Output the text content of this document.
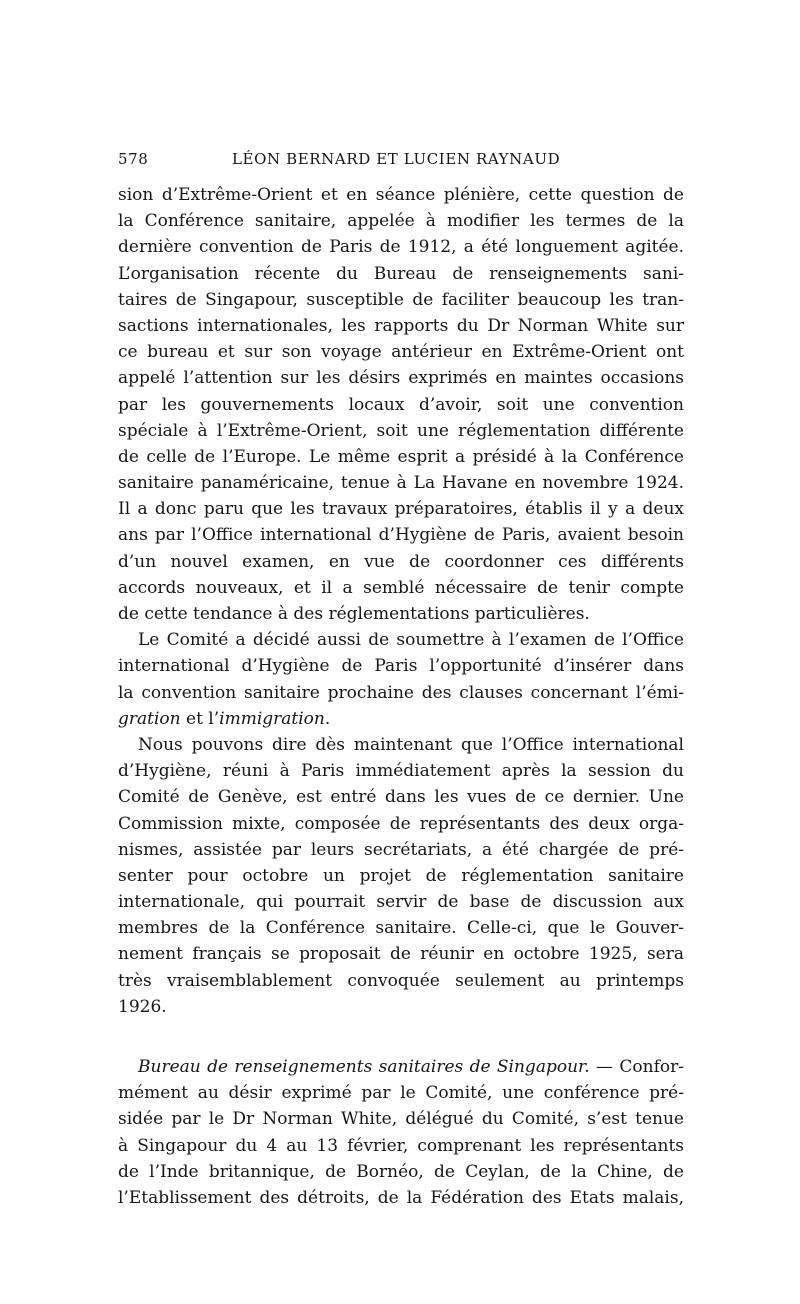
578	LÉON BERNARD ET LUCIEN RAYNAUD
sion d’Extrême-Orient et en séance plénière, cette question de
la Conférence sanitaire, appelée à modifier les termes de la
dernière convention de Paris de 1912, a été longuement agitée.
L’organisation récente du Bureau de renseignements sani-
taires de Singapour, susceptible de faciliter beaucoup les tran-
sactions internationales, les rapports du Dr Norman White sur
ce bureau et sur son voyage antérieur en Extrême-Orient ont
appelé l’attention sur les désirs exprimés en maintes occasions
par les gouvernements locaux d’avoir, soit une convention
spéciale à l’Extrême-Orient, soit une réglementation différente
de celle de l’Europe. Le même esprit a présidé à la Conférence
sanitaire panaméricaine, tenue à La Havane en novembre 1924.
Il a donc paru que les travaux préparatoires, établis il y a deux
ans par l’Office international d’Hygiène de Paris, avaient besoin
d’un nouvel examen, en vue de coordonner ces différents
accords nouveaux, et il a semblé nécessaire de tenir compte
de cette tendance à des réglementations particulières.
Le Comité a décidé aussi de soumettre à l’examen de l’Office
international d’Hygiène de Paris l’opportunité d’insérer dans
la convention sanitaire prochaine des clauses concernant l’émi-
gration et l’immigration.
Nous pouvons dire dès maintenant que l’Office international
d’Hygiène, réuni à Paris immédiatement après la session du
Comité de Genève, est entré dans les vues de ce dernier. Une
Commission mixte, composée de représentants des deux orga-
nismes, assistée par leurs secrétariats, a été chargée de pré-
senter pour octobre un projet de réglementation sanitaire
internationale, qui pourrait servir de base de discussion aux
membres de la Conférence sanitaire. Celle-ci, que le Gouver-
nement français se proposait de réunir en octobre 1925, sera
très vraisemblablement convoquée seulement au printemps
1926.
Bureau de renseignements sanitaires de Singapour. — Confor-
mément au désir exprimé par le Comité, une conférence pré-
sidée par le Dr Norman White, délégué du Comité, s’est tenue
à Singapour du 4 au 13 février, comprenant les représentants
de l’Inde britannique, de Bornéo, de Ceylan, de la Chine, de
l’Etablissement des détroits, de la Fédération des Etats malais,
